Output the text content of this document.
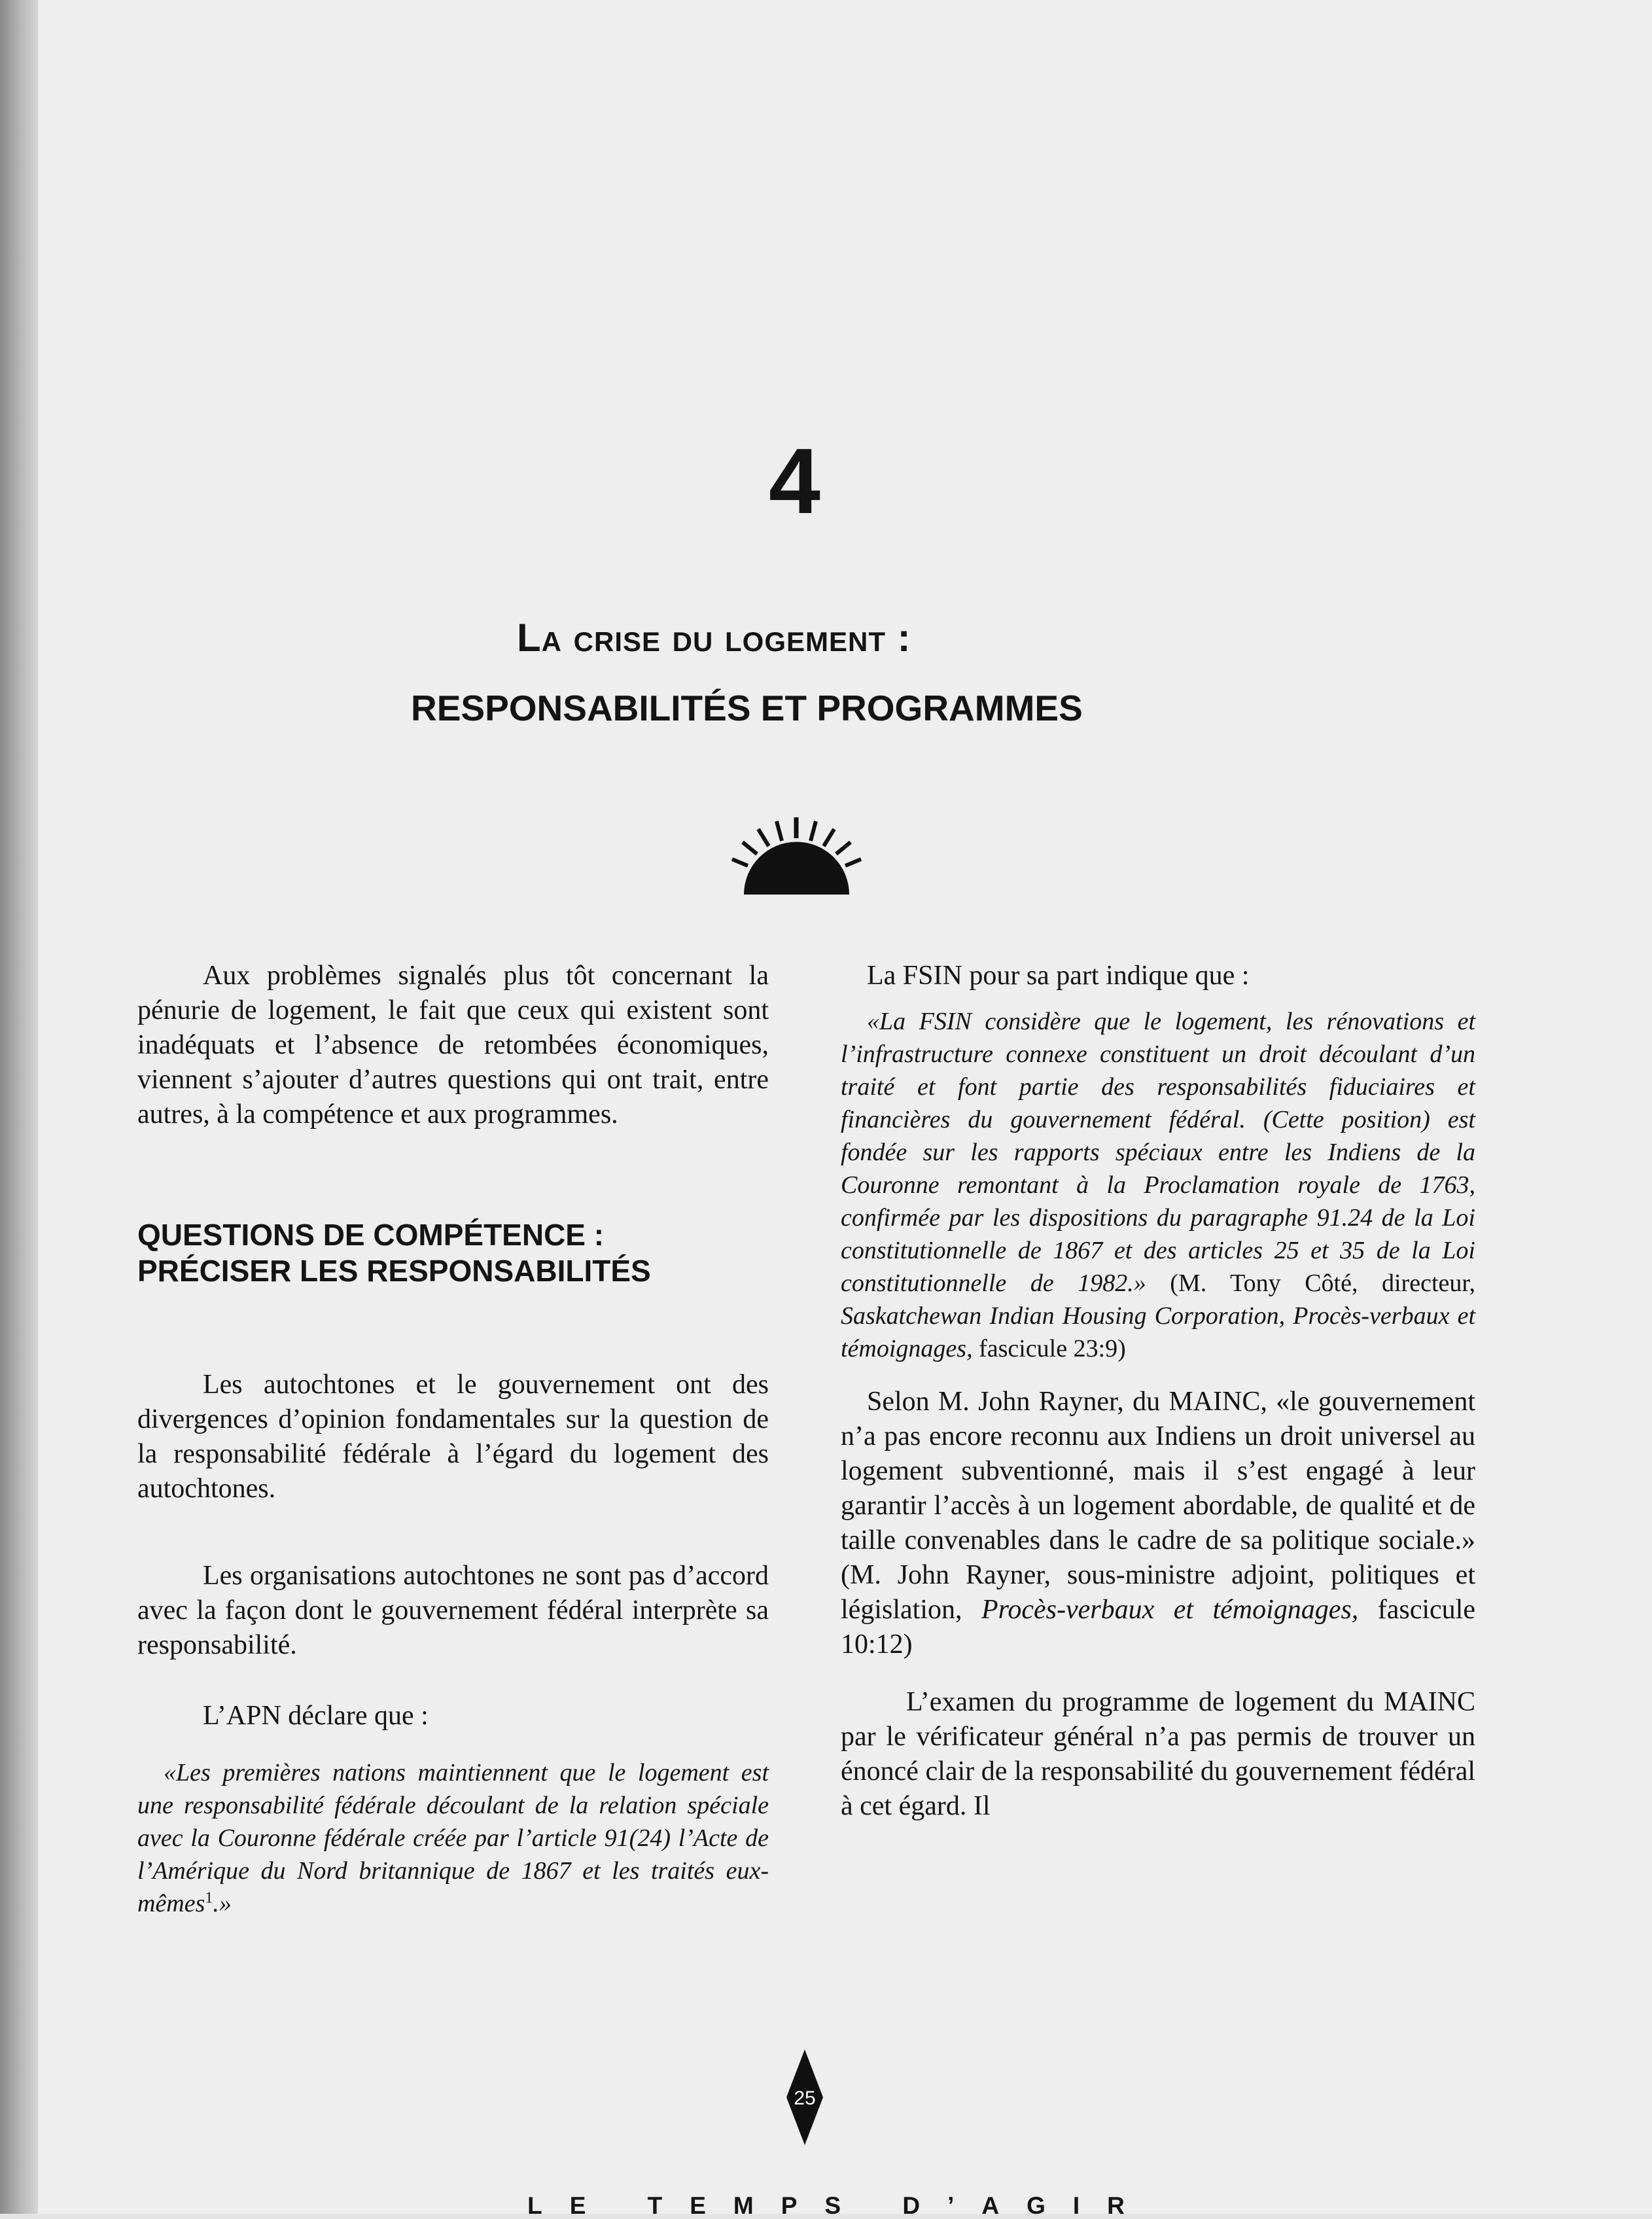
4
La crise du logement :
RESPONSABILITÉS ET PROGRAMMES

Aux problèmes signalés plus tôt concernant la pénurie de logement, le fait que ceux qui existent sont inadéquats et l’absence de retombées économiques, viennent s’ajouter d’autres questions qui ont trait, entre autres, à la compétence et aux programmes.

QUESTIONS DE COMPÉTENCE :
PRÉCISER LES RESPONSABILITÉS

Les autochtones et le gouvernement ont des divergences d’opinion fondamentales sur la question de la responsabilité fédérale à l’égard du logement des autochtones.

Les organisations autochtones ne sont pas d’accord avec la façon dont le gouvernement fédéral interprète sa responsabilité.

L’APN déclare que :

«Les premières nations maintiennent que le logement est une responsabilité fédérale découlant de la relation spéciale avec la Couronne fédérale créée par l’article 91(24) l’Acte de l’Amérique du Nord britannique de 1867 et les traités eux-mêmes$^1$.»

La FSIN pour sa part indique que :

«La FSIN considère que le logement, les rénovations et l’infrastructure connexe constituent un droit découlant d’un traité et font partie des responsabilités fiduciaires et financières du gouvernement fédéral. (Cette position) est fondée sur les rapports spéciaux entre les Indiens de la Couronne remontant à la Proclamation royale de 1763, confirmée par les dispositions du paragraphe 91.24 de la Loi constitutionnelle de 1867 et des articles 25 et 35 de la Loi constitutionnelle de 1982.» (M. Tony Côté, directeur, Saskatchewan Indian Housing Corporation, Procès-verbaux et témoignages, fascicule 23:9)

Selon M. John Rayner, du MAINC, «le gouvernement n’a pas encore reconnu aux Indiens un droit universel au logement subventionné, mais il s’est engagé à leur garantir l’accès à un logement abordable, de qualité et de taille convenables dans le cadre de sa politique sociale.» (M. John Rayner, sous-ministre adjoint, politiques et législation, Procès-verbaux et témoignages, fascicule 10:12)

L’examen du programme de logement du MAINC par le vérificateur général n’a pas permis de trouver un énoncé clair de la responsabilité du gouvernement fédéral à cet égard. Il

25
LE TEMPS D’AGIR
